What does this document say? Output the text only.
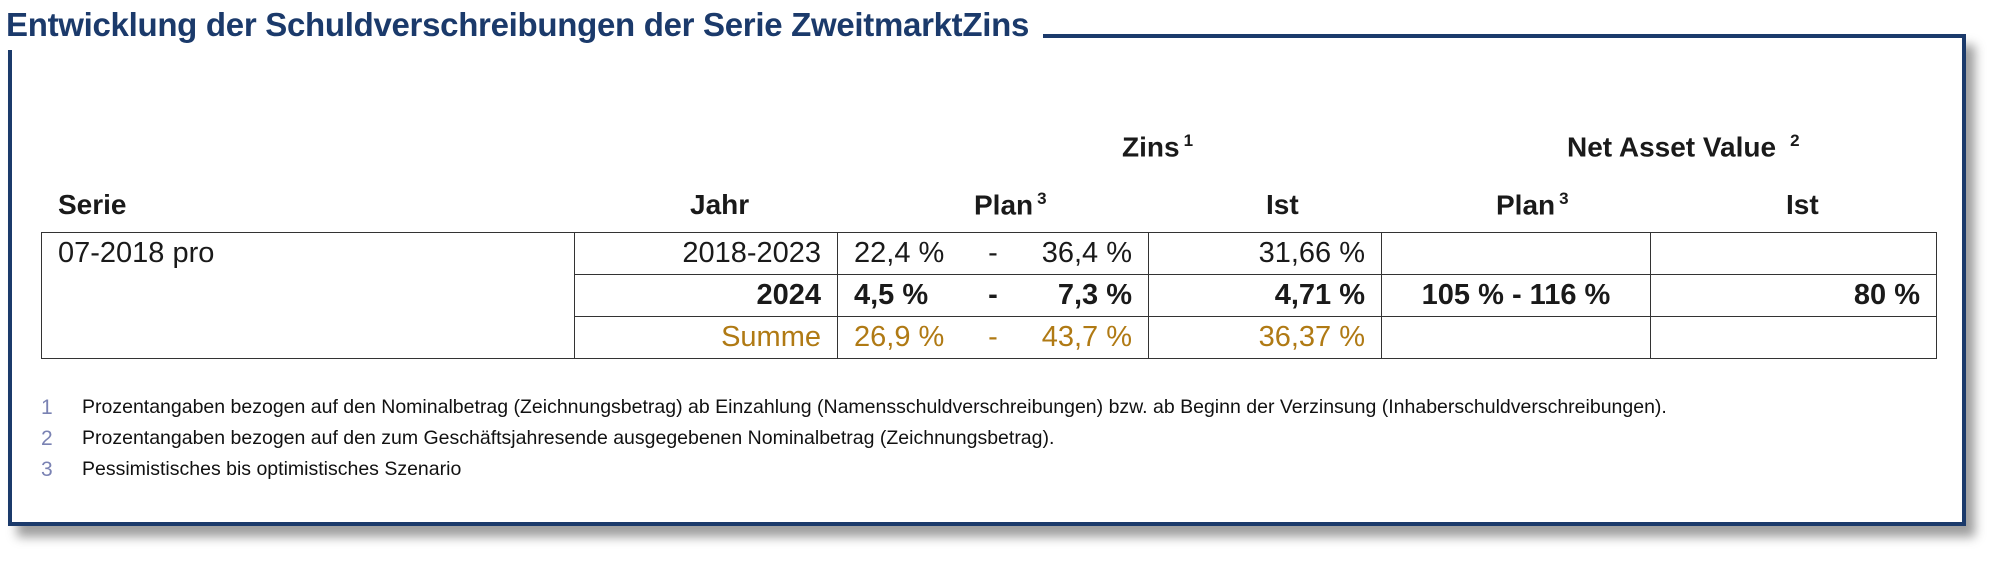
Entwicklung der Schuldverschreibungen der Serie ZweitmarktZins
Zins $^1$	Net Asset Value $^2$
Serie	Jahr	Plan $^3$	Ist	Plan $^3$	Ist
07-2018 pro	2018-2023	22,4 % - 36,4 %	31,66 %		
	2024	4,5 % - 7,3 %	4,71 %	105 % - 116 %	80 %
	Summe	26,9 % - 43,7 %	36,37 %		
1	Prozentangaben bezogen auf den Nominalbetrag (Zeichnungsbetrag) ab Einzahlung (Namensschuldverschreibungen) bzw. ab Beginn der Verzinsung (Inhaberschuldverschreibungen).
2	Prozentangaben bezogen auf den zum Geschäftsjahresende ausgegebenen Nominalbetrag (Zeichnungsbetrag).
3	Pessimistisches bis optimistisches Szenario
